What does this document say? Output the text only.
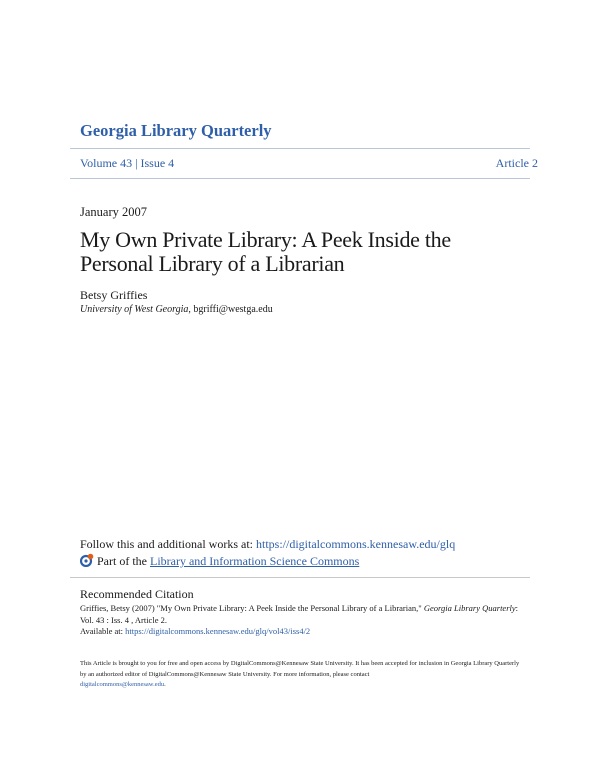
Georgia Library Quarterly
Volume 43 | Issue 4	Article 2
January 2007
My Own Private Library: A Peek Inside the
Personal Library of a Librarian
Betsy Griffies
University of West Georgia, bgriffi@westga.edu
Follow this and additional works at: https://digitalcommons.kennesaw.edu/glq
Part of the Library and Information Science Commons
Recommended Citation
Griffies, Betsy (2007) "My Own Private Library: A Peek Inside the Personal Library of a Librarian," Georgia Library Quarterly: Vol. 43 : Iss. 4 , Article 2.
Available at: https://digitalcommons.kennesaw.edu/glq/vol43/iss4/2
This Article is brought to you for free and open access by DigitalCommons@Kennesaw State University. It has been accepted for inclusion in Georgia Library Quarterly by an authorized editor of DigitalCommons@Kennesaw State University. For more information, please contact
digitalcommons@kennesaw.edu.
